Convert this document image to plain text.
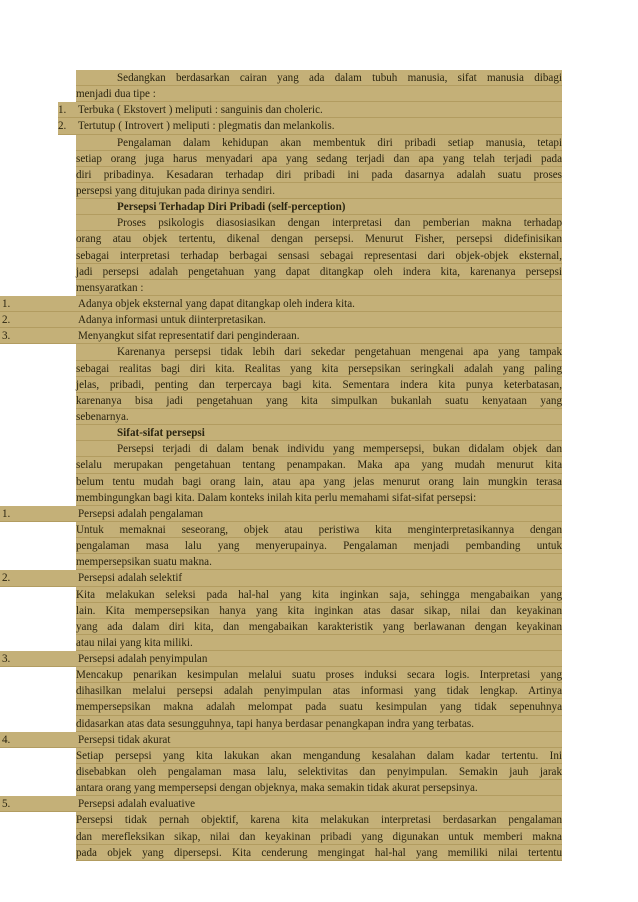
Sedangkan berdasarkan cairan yang ada dalam tubuh manusia, sifat manusia dibagi
menjadi dua tipe :
1.	Terbuka ( Ekstovert ) meliputi : sanguinis dan choleric.
2.	Tertutup ( Introvert ) meliputi : plegmatis dan melankolis.
Pengalaman dalam kehidupan akan membentuk diri pribadi setiap manusia, tetapi
setiap orang juga harus menyadari apa yang sedang terjadi dan apa yang telah terjadi pada
diri pribadinya. Kesadaran terhadap diri pribadi ini pada dasarnya adalah suatu proses
persepsi yang ditujukan pada dirinya sendiri.
Persepsi Terhadap Diri Pribadi (self-perception)
Proses psikologis diasosiasikan dengan interpretasi dan pemberian makna terhadap
orang atau objek tertentu, dikenal dengan persepsi. Menurut Fisher, persepsi didefinisikan
sebagai interpretasi terhadap berbagai sensasi sebagai representasi dari objek-objek eksternal,
jadi persepsi adalah pengetahuan yang dapat ditangkap oleh indera kita, karenanya persepsi
mensyaratkan :
1.	Adanya objek eksternal yang dapat ditangkap oleh indera kita.
2.	Adanya informasi untuk diinterpretasikan.
3.	Menyangkut sifat representatif dari penginderaan.
Karenanya persepsi tidak lebih dari sekedar pengetahuan mengenai apa yang tampak
sebagai realitas bagi diri kita. Realitas yang kita persepsikan seringkali adalah yang paling
jelas, pribadi, penting dan terpercaya bagi kita. Sementara indera kita punya keterbatasan,
karenanya bisa jadi pengetahuan yang kita simpulkan bukanlah suatu kenyataan yang
sebenarnya.
Sifat-sifat persepsi
Persepsi terjadi di dalam benak individu yang mempersepsi, bukan didalam objek dan
selalu merupakan pengetahuan tentang penampakan. Maka apa yang mudah menurut kita
belum tentu mudah bagi orang lain, atau apa yang jelas menurut orang lain mungkin terasa
membingungkan bagi kita. Dalam konteks inilah kita perlu memahami sifat-sifat persepsi:
1.	Persepsi adalah pengalaman
Untuk memaknai seseorang, objek atau peristiwa kita menginterpretasikannya dengan
pengalaman masa lalu yang menyerupainya. Pengalaman menjadi pembanding untuk
mempersepsikan suatu makna.
2.	Persepsi adalah selektif
Kita melakukan seleksi pada hal-hal yang kita inginkan saja, sehingga mengabaikan yang
lain. Kita mempersepsikan hanya yang kita inginkan atas dasar sikap, nilai dan keyakinan
yang ada dalam diri kita, dan mengabaikan karakteristik yang berlawanan dengan keyakinan
atau nilai yang kita miliki.
3.	Persepsi adalah penyimpulan
Mencakup penarikan kesimpulan melalui suatu proses induksi secara logis. Interpretasi yang
dihasilkan melalui persepsi adalah penyimpulan atas informasi yang tidak lengkap. Artinya
mempersepsikan makna adalah melompat pada suatu kesimpulan yang tidak sepenuhnya
didasarkan atas data sesungguhnya, tapi hanya berdasar penangkapan indra yang terbatas.
4.	Persepsi tidak akurat
Setiap persepsi yang kita lakukan akan mengandung kesalahan dalam kadar tertentu. Ini
disebabkan oleh pengalaman masa lalu, selektivitas dan penyimpulan. Semakin jauh jarak
antara orang yang mempersepsi dengan objeknya, maka semakin tidak akurat persepsinya.
5.	Persepsi adalah evaluative
Persepsi tidak pernah objektif, karena kita melakukan interpretasi berdasarkan pengalaman
dan merefleksikan sikap, nilai dan keyakinan pribadi yang digunakan untuk memberi makna
pada objek yang dipersepsi. Kita cenderung mengingat hal-hal yang memiliki nilai tertentu
